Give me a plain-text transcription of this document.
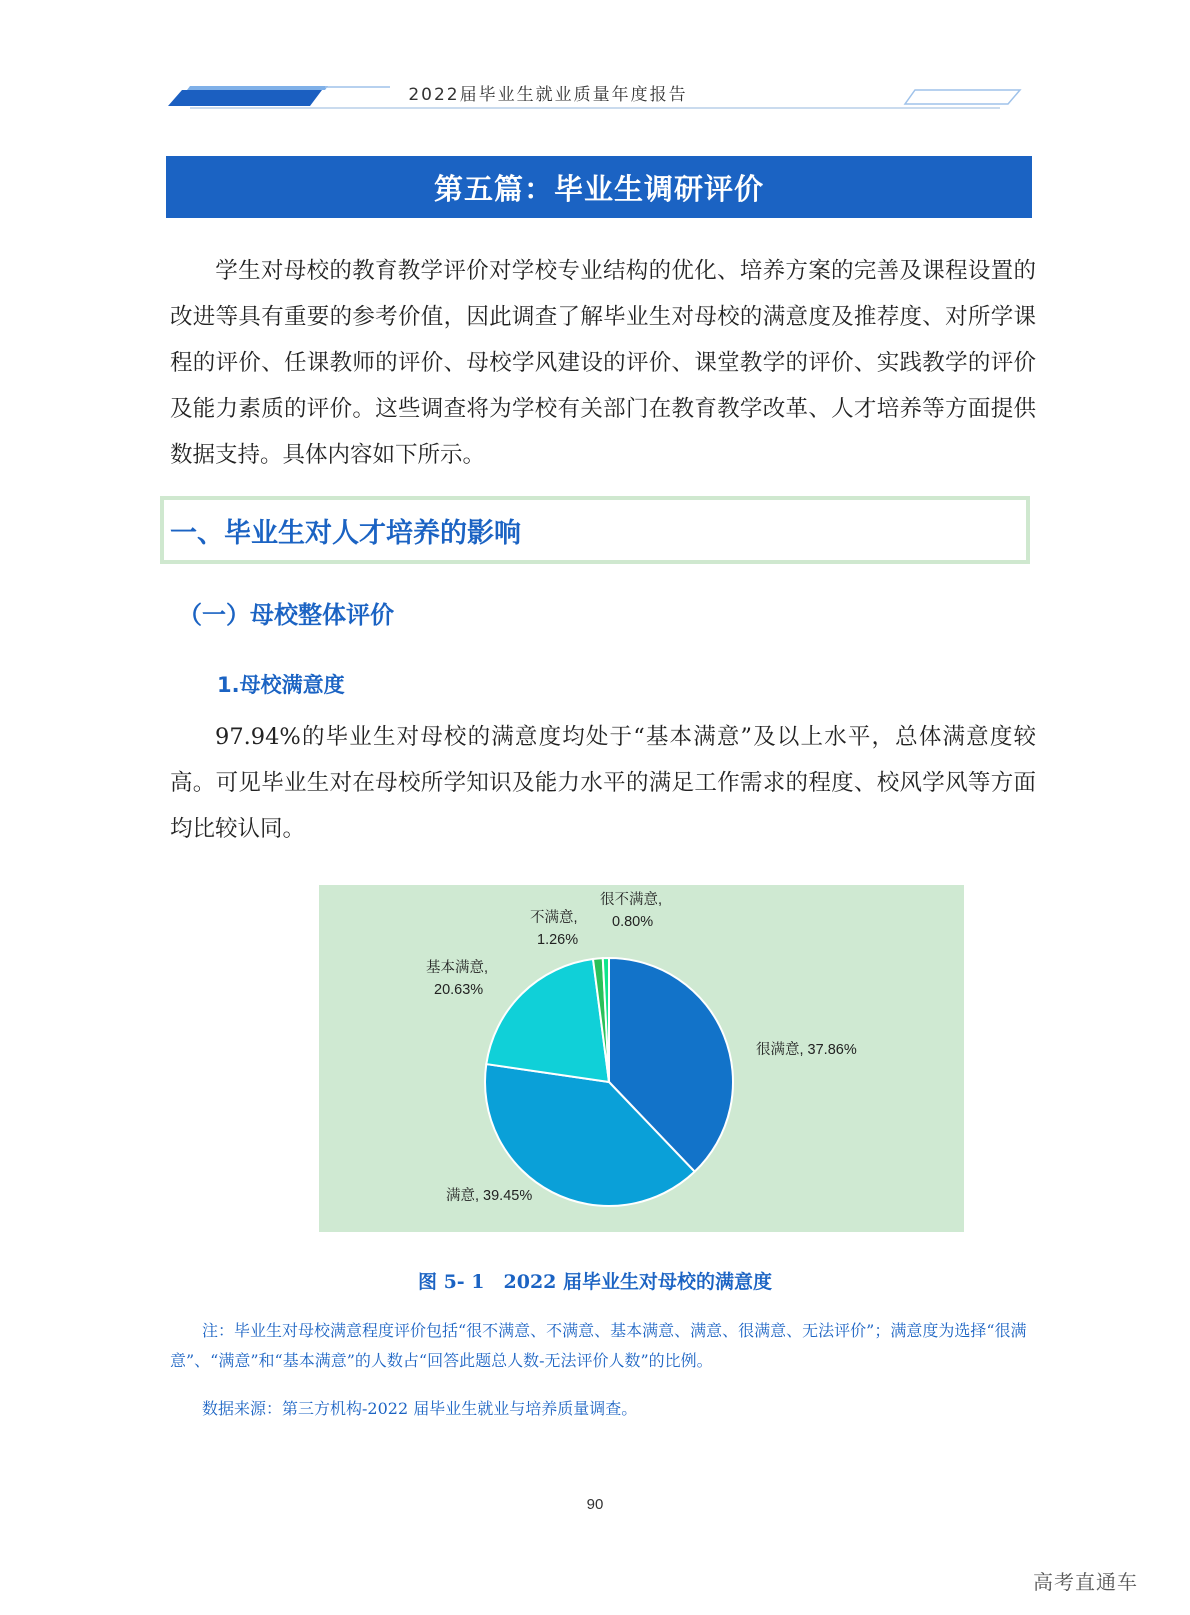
2022届毕业生就业质量年度报告
第五篇：毕业生调研评价
学生对母校的教育教学评价对学校专业结构的优化、培养方案的完善及课程设置的改进等具有重要的参考价值，因此调查了解毕业生对母校的满意度及推荐度、对所学课程的评价、任课教师的评价、母校学风建设的评价、课堂教学的评价、实践教学的评价及能力素质的评价。这些调查将为学校有关部门在教育教学改革、人才培养等方面提供数据支持。具体内容如下所示。
一、毕业生对人才培养的影响
（一）母校整体评价
1.母校满意度
97.94%的毕业生对母校的满意度均处于“基本满意”及以上水平，总体满意度较高。可见毕业生对在母校所学知识及能力水平的满足工作需求的程度、校风学风等方面均比较认同。
很满意, 37.86%
满意, 39.45%
基本满意,
20.63%
不满意,
1.26%
很不满意,
0.80%
图 5- 1　2022 届毕业生对母校的满意度
注：毕业生对母校满意程度评价包括“很不满意、不满意、基本满意、满意、很满意、无法评价”；满意度为选择“很满意”、“满意”和“基本满意”的人数占“回答此题总人数-无法评价人数”的比例。
数据来源：第三方机构-2022 届毕业生就业与培养质量调查。
90
高考直通车
